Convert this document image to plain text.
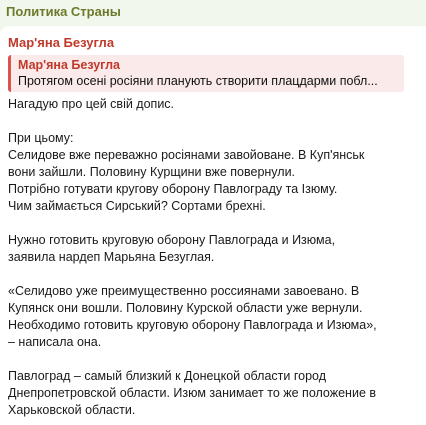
Политика Страны
Мар'яна Безугла
Мар'яна Безугла
Протягом осені росіяни планують створити плацдарми побл...

Нагадую про цей свій допис.

При цьому:
Селидове вже переважно росіянами завойоване. В Куп'янськ
вони зайшли. Половину Курщини вже повернули.
Потрібно готувати кругову оборону Павлограду та Ізюму.
Чим займається Сирський? Сортами брехні.

Нужно готовить круговую оборону Павлограда и Изюма,
заявила нардеп Марьяна Безуглая.

«Селидово уже преимущественно россиянами завоевано. В
Купянск они вошли. Половину Курской области уже вернули.
Необходимо готовить круговую оборону Павлограда и Изюма»,
– написала она.

Павлоград – самый близкий к Донецкой области город
Днепропетровской области. Изюм занимает то же положение в
Харьковской области.
